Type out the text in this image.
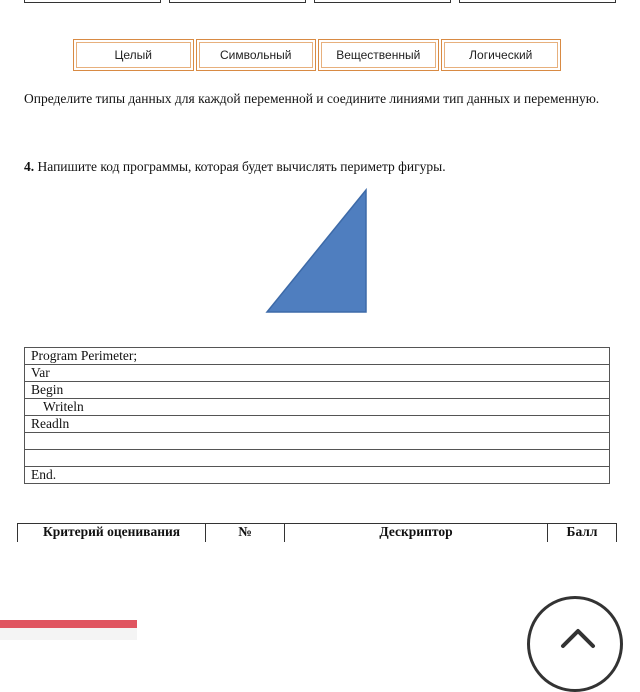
Целый	Символьный	Вещественный	Логический

Определите типы данных для каждой переменной и соедините линиями тип данных и переменную.

4. Напишите код программы, которая будет вычислять периметр фигуры.

Program Perimeter;
Var
Begin
Writeln
Readln

End.
Критерий оценивания	№	Дескриптор	Балл
